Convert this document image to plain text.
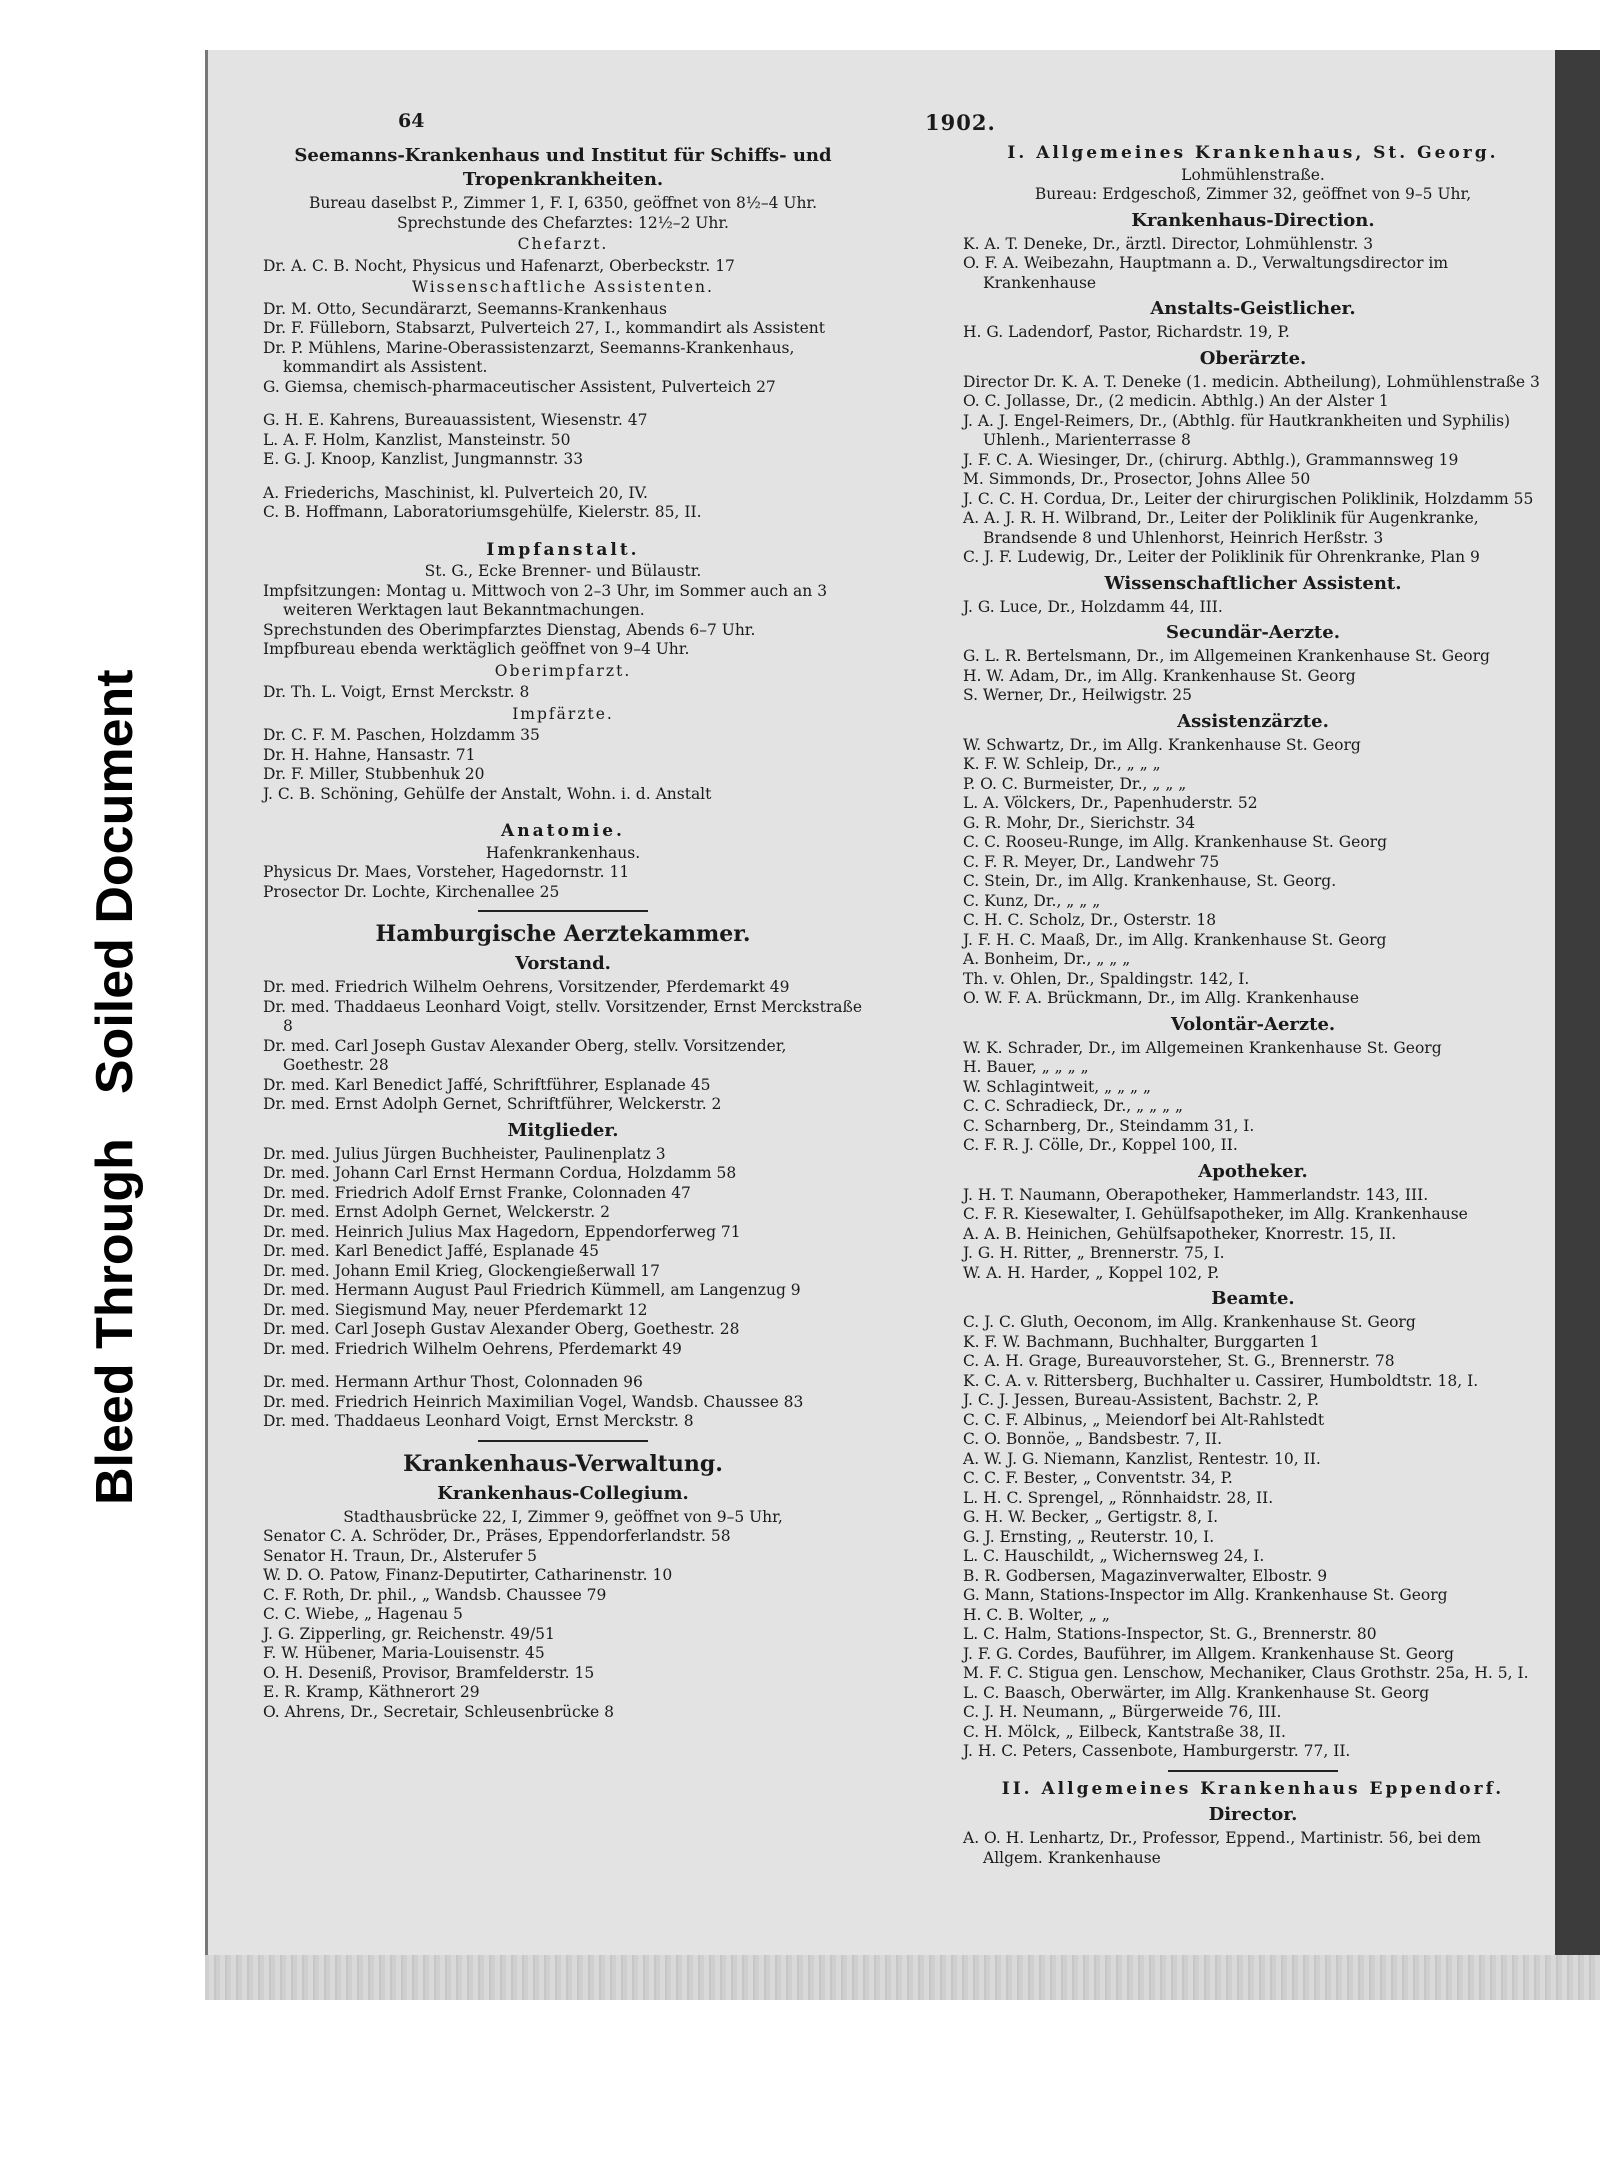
Bleed ThroughSoiled Document
64	1902.
Seemanns-Krankenhaus und Institut für Schiffs- und Tropenkrankheiten.
Bureau daselbst P., Zimmer 1, F. I, 6350, geöffnet von 8½–4 Uhr.
Sprechstunde des Chefarztes: 12½–2 Uhr.
Chefarzt.
Dr. A. C. B. Nocht, Physicus und Hafenarzt, Oberbeckstr. 17
Wissenschaftliche Assistenten.
Dr. M. Otto, Secundärarzt, Seemanns-Krankenhaus
Dr. F. Fülleborn, Stabsarzt, Pulverteich 27, I., kommandirt als Assistent
Dr. P. Mühlens, Marine-Oberassistenzarzt, Seemanns-Krankenhaus, kommandirt als Assistent.
G. Giemsa, chemisch-pharmaceutischer Assistent, Pulverteich 27
G. H. E. Kahrens, Bureauassistent, Wiesenstr. 47
L. A. F. Holm, Kanzlist, Mansteinstr. 50
E. G. J. Knoop, Kanzlist, Jungmannstr. 33
A. Friederichs, Maschinist, kl. Pulverteich 20, IV.
C. B. Hoffmann, Laboratoriumsgehülfe, Kielerstr. 85, II.
Impfanstalt.
St. G., Ecke Brenner- und Bülaustr.
Impfsitzungen: Montag u. Mittwoch von 2–3 Uhr, im Sommer auch an 3 weiteren Werktagen laut Bekanntmachungen.
Sprechstunden des Oberimpfarztes Dienstag, Abends 6–7 Uhr.
Impfbureau ebenda werktäglich geöffnet von 9–4 Uhr.
Oberimpfarzt.
Dr. Th. L. Voigt, Ernst Merckstr. 8
Impfärzte.
Dr. C. F. M. Paschen, Holzdamm 35
Dr. H. Hahne, Hansastr. 71
Dr. F. Miller, Stubbenhuk 20
J. C. B. Schöning, Gehülfe der Anstalt, Wohn. i. d. Anstalt
Anatomie.
Hafenkrankenhaus.
Physicus Dr. Maes, Vorsteher, Hagedornstr. 11
Prosector Dr. Lochte, Kirchenallee 25
Hamburgische Aerztekammer.
Vorstand.
Dr. med. Friedrich Wilhelm Oehrens, Vorsitzender, Pferdemarkt 49
Dr. med. Thaddaeus Leonhard Voigt, stellv. Vorsitzender, Ernst Merckstraße 8
Dr. med. Carl Joseph Gustav Alexander Oberg, stellv. Vorsitzender, Goethestr. 28
Dr. med. Karl Benedict Jaffé, Schriftführer, Esplanade 45
Dr. med. Ernst Adolph Gernet, Schriftführer, Welckerstr. 2
Mitglieder.
Dr. med. Julius Jürgen Buchheister, Paulinenplatz 3
Dr. med. Johann Carl Ernst Hermann Cordua, Holzdamm 58
Dr. med. Friedrich Adolf Ernst Franke, Colonnaden 47
Dr. med. Ernst Adolph Gernet, Welckerstr. 2
Dr. med. Heinrich Julius Max Hagedorn, Eppendorferweg 71
Dr. med. Karl Benedict Jaffé, Esplanade 45
Dr. med. Johann Emil Krieg, Glockengießerwall 17
Dr. med. Hermann August Paul Friedrich Kümmell, am Langenzug 9
Dr. med. Siegismund May, neuer Pferdemarkt 12
Dr. med. Carl Joseph Gustav Alexander Oberg, Goethestr. 28
Dr. med. Friedrich Wilhelm Oehrens, Pferdemarkt 49
Dr. med. Hermann Arthur Thost, Colonnaden 96
Dr. med. Friedrich Heinrich Maximilian Vogel, Wandsb. Chaussee 83
Dr. med. Thaddaeus Leonhard Voigt, Ernst Merckstr. 8
Krankenhaus-Verwaltung.
Krankenhaus-Collegium.
Stadthausbrücke 22, I, Zimmer 9, geöffnet von 9–5 Uhr,
Senator C. A. Schröder, Dr., Präses, Eppendorferlandstr. 58
Senator H. Traun, Dr., Alsterufer 5
W. D. O. Patow, Finanz-Deputirter, Catharinenstr. 10
C. F. Roth, Dr. phil., „ Wandsb. Chaussee 79
C. C. Wiebe, „ Hagenau 5
J. G. Zipperling, gr. Reichenstr. 49/51
F. W. Hübener, Maria-Louisenstr. 45
O. H. Deseniß, Provisor, Bramfelderstr. 15
E. R. Kramp, Käthnerort 29
O. Ahrens, Dr., Secretair, Schleusenbrücke 8
I. Allgemeines Krankenhaus, St. Georg.
Lohmühlenstraße.
Bureau: Erdgeschoß, Zimmer 32, geöffnet von 9–5 Uhr,
Krankenhaus-Direction.
K. A. T. Deneke, Dr., ärztl. Director, Lohmühlenstr. 3
O. F. A. Weibezahn, Hauptmann a. D., Verwaltungsdirector im Krankenhause
Anstalts-Geistlicher.
H. G. Ladendorf, Pastor, Richardstr. 19, P.
Oberärzte.
Director Dr. K. A. T. Deneke (1. medicin. Abtheilung), Lohmühlenstraße 3
O. C. Jollasse, Dr., (2 medicin. Abthlg.) An der Alster 1
J. A. J. Engel-Reimers, Dr., (Abthlg. für Hautkrankheiten und Syphilis) Uhlenh., Marienterrasse 8
J. F. C. A. Wiesinger, Dr., (chirurg. Abthlg.), Grammannsweg 19
M. Simmonds, Dr., Prosector, Johns Allee 50
J. C. C. H. Cordua, Dr., Leiter der chirurgischen Poliklinik, Holzdamm 55
A. A. J. R. H. Wilbrand, Dr., Leiter der Poliklinik für Augenkranke, Brandsende 8 und Uhlenhorst, Heinrich Herßstr. 3
C. J. F. Ludewig, Dr., Leiter der Poliklinik für Ohrenkranke, Plan 9
Wissenschaftlicher Assistent.
J. G. Luce, Dr., Holzdamm 44, III.
Secundär-Aerzte.
G. L. R. Bertelsmann, Dr., im Allgemeinen Krankenhause St. Georg
H. W. Adam, Dr., im Allg. Krankenhause St. Georg
S. Werner, Dr., Heilwigstr. 25
Assistenzärzte.
W. Schwartz, Dr., im Allg. Krankenhause St. Georg
K. F. W. Schleip, Dr., „ „ „
P. O. C. Burmeister, Dr., „ „ „
L. A. Völckers, Dr., Papenhuderstr. 52
G. R. Mohr, Dr., Sierichstr. 34
C. C. Rooseu-Runge, im Allg. Krankenhause St. Georg
C. F. R. Meyer, Dr., Landwehr 75
C. Stein, Dr., im Allg. Krankenhause, St. Georg.
C. Kunz, Dr., „ „ „
C. H. C. Scholz, Dr., Osterstr. 18
J. F. H. C. Maaß, Dr., im Allg. Krankenhause St. Georg
A. Bonheim, Dr., „ „ „
Th. v. Ohlen, Dr., Spaldingstr. 142, I.
O. W. F. A. Brückmann, Dr., im Allg. Krankenhause
Volontär-Aerzte.
W. K. Schrader, Dr., im Allgemeinen Krankenhause St. Georg
H. Bauer, „ „ „ „
W. Schlagintweit, „ „ „ „
C. C. Schradieck, Dr., „ „ „ „
C. Scharnberg, Dr., Steindamm 31, I.
C. F. R. J. Cölle, Dr., Koppel 100, II.
Apotheker.
J. H. T. Naumann, Oberapotheker, Hammerlandstr. 143, III.
C. F. R. Kiesewalter, I. Gehülfsapotheker, im Allg. Krankenhause
A. A. B. Heinichen, Gehülfsapotheker, Knorrestr. 15, II.
J. G. H. Ritter, „ Brennerstr. 75, I.
W. A. H. Harder, „ Koppel 102, P.
Beamte.
C. J. C. Gluth, Oeconom, im Allg. Krankenhause St. Georg
K. F. W. Bachmann, Buchhalter, Burggarten 1
C. A. H. Grage, Bureauvorsteher, St. G., Brennerstr. 78
K. C. A. v. Rittersberg, Buchhalter u. Cassirer, Humboldtstr. 18, I.
J. C. J. Jessen, Bureau-Assistent, Bachstr. 2, P.
C. C. F. Albinus, „ Meiendorf bei Alt-Rahlstedt
C. O. Bonnöe, „ Bandsbestr. 7, II.
A. W. J. G. Niemann, Kanzlist, Rentestr. 10, II.
C. C. F. Bester, „ Conventstr. 34, P.
L. H. C. Sprengel, „ Rönnhaidstr. 28, II.
G. H. W. Becker, „ Gertigstr. 8, I.
G. J. Ernsting, „ Reuterstr. 10, I.
L. C. Hauschildt, „ Wichernsweg 24, I.
B. R. Godbersen, Magazinverwalter, Elbostr. 9
G. Mann, Stations-Inspector im Allg. Krankenhause St. Georg
H. C. B. Wolter, „ „
L. C. Halm, Stations-Inspector, St. G., Brennerstr. 80
J. F. G. Cordes, Bauführer, im Allgem. Krankenhause St. Georg
M. F. C. Stigua gen. Lenschow, Mechaniker, Claus Grothstr. 25a, H. 5, I.
L. C. Baasch, Oberwärter, im Allg. Krankenhause St. Georg
C. J. H. Neumann, „ Bürgerweide 76, III.
C. H. Mölck, „ Eilbeck, Kantstraße 38, II.
J. H. C. Peters, Cassenbote, Hamburgerstr. 77, II.
II. Allgemeines Krankenhaus Eppendorf.
Director.
A. O. H. Lenhartz, Dr., Professor, Eppend., Martinistr. 56, bei dem Allgem. Krankenhause
